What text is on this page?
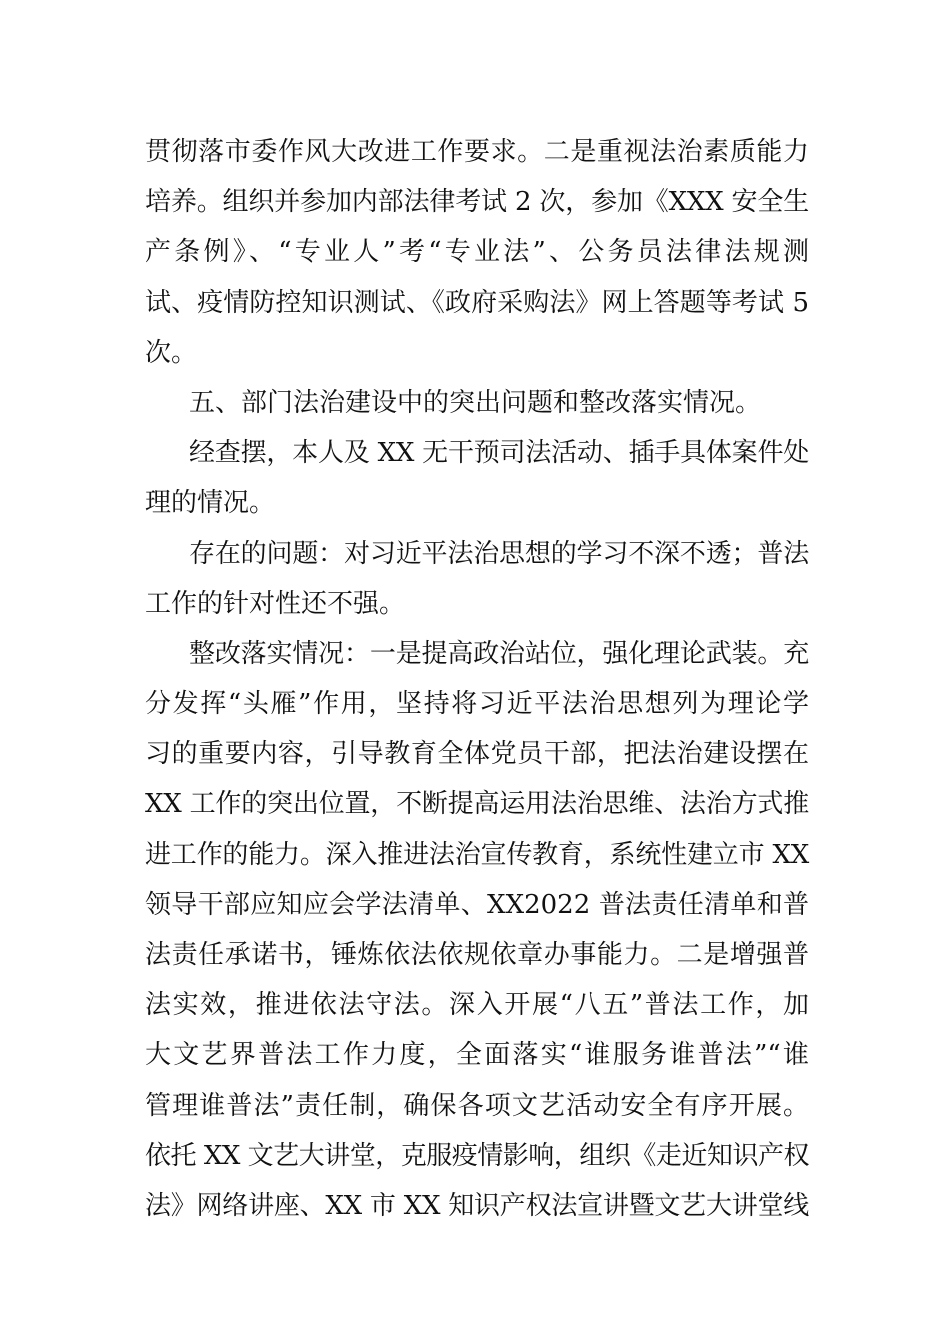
贯彻落市委作风大改进工作要求。二是重视法治素质能力
培养。组织并参加内部法律考试 2 次，参加《XXX 安全生
产条例》、“专业人”考“专业法”、公务员法律法规测
试、疫情防控知识测试、《政府采购法》网上答题等考试 5
次。
五、部门法治建设中的突出问题和整改落实情况。
经查摆，本人及 XX 无干预司法活动、插手具体案件处
理的情况。
存在的问题：对习近平法治思想的学习不深不透；普法
工作的针对性还不强。
整改落实情况：一是提高政治站位，强化理论武装。充
分发挥“头雁”作用，坚持将习近平法治思想列为理论学
习的重要内容，引导教育全体党员干部，把法治建设摆在
XX 工作的突出位置，不断提高运用法治思维、法治方式推
进工作的能力。深入推进法治宣传教育，系统性建立市 XX
领导干部应知应会学法清单、XX2022 普法责任清单和普
法责任承诺书，锤炼依法依规依章办事能力。二是增强普
法实效，推进依法守法。深入开展“八五”普法工作，加
大文艺界普法工作力度，全面落实“谁服务谁普法”“谁
管理谁普法”责任制，确保各项文艺活动安全有序开展。
依托 XX 文艺大讲堂，克服疫情影响，组织《走近知识产权
法》网络讲座、XX 市 XX 知识产权法宣讲暨文艺大讲堂线
